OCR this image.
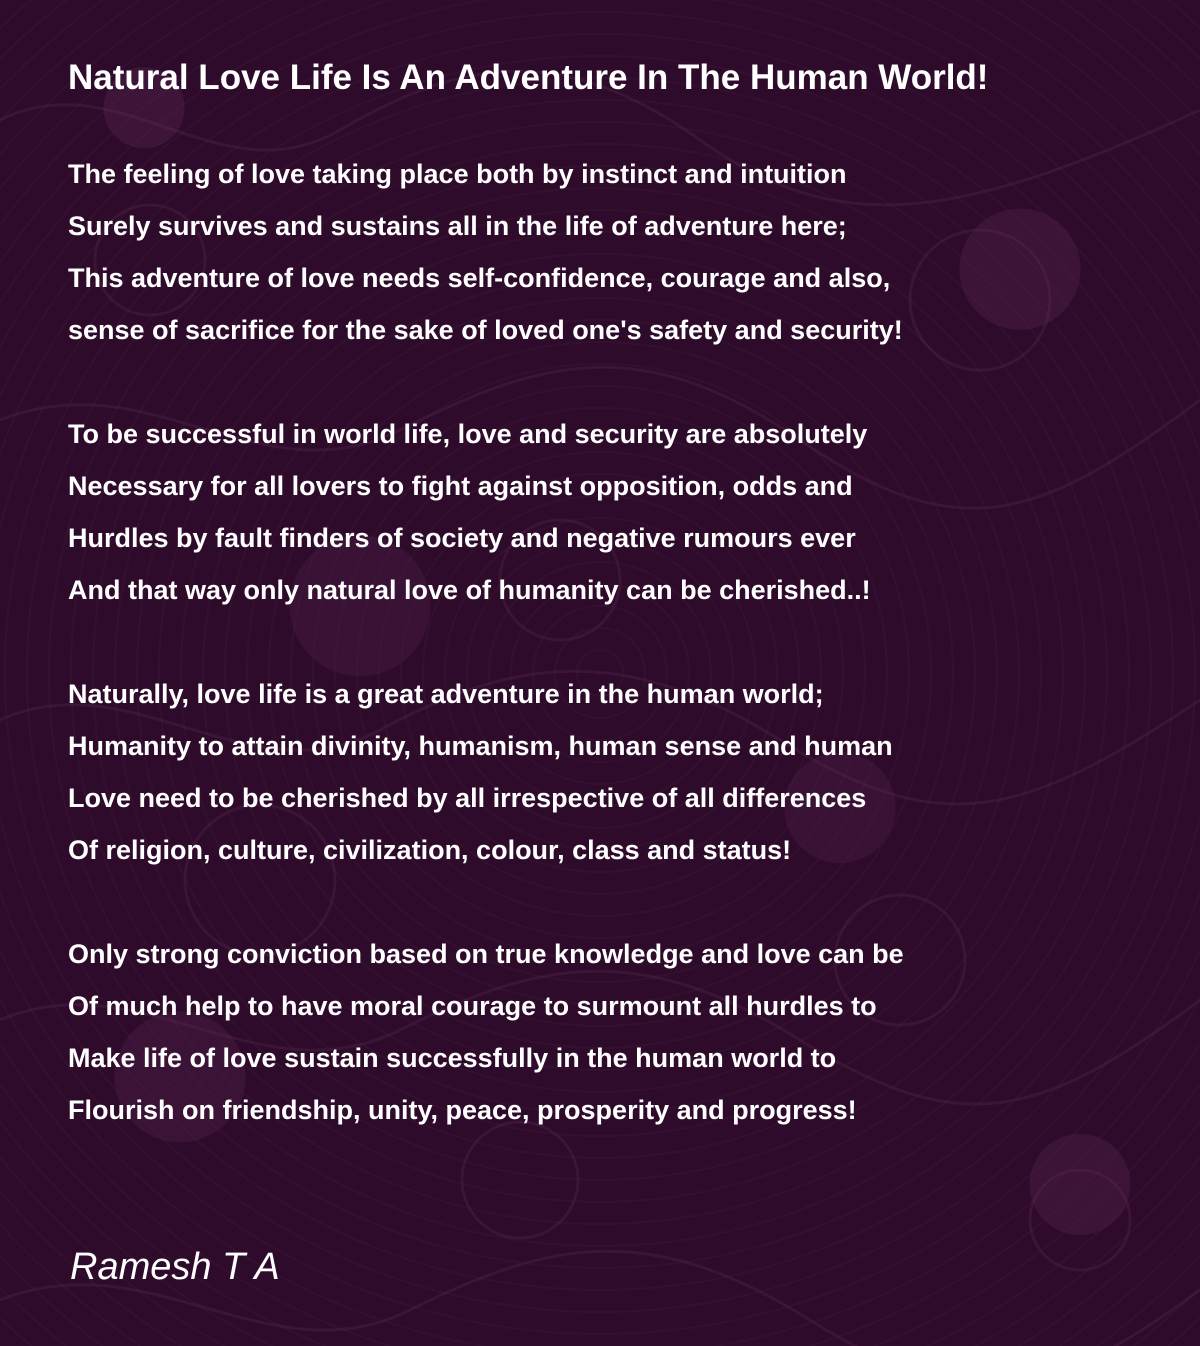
Natural Love Life Is An Adventure In The Human World!
The feeling of love taking place both by instinct and intuition
Surely survives and sustains all in the life of adventure here;
This adventure of love needs self-confidence, courage and also,
sense of sacrifice for the sake of loved one's safety and security!
To be successful in world life, love and security are absolutely
Necessary for all lovers to fight against opposition, odds and
Hurdles by fault finders of society and negative rumours ever
And that way only natural love of humanity can be cherished..!
Naturally, love life is a great adventure in the human world;
Humanity to attain divinity, humanism, human sense and human
Love need to be cherished by all irrespective of all differences
Of religion, culture, civilization, colour, class and status!
Only strong conviction based on true knowledge and love can be
Of much help to have moral courage to surmount all hurdles to
Make life of love sustain successfully in the human world to
Flourish on friendship, unity, peace, prosperity and progress!
Ramesh T A
